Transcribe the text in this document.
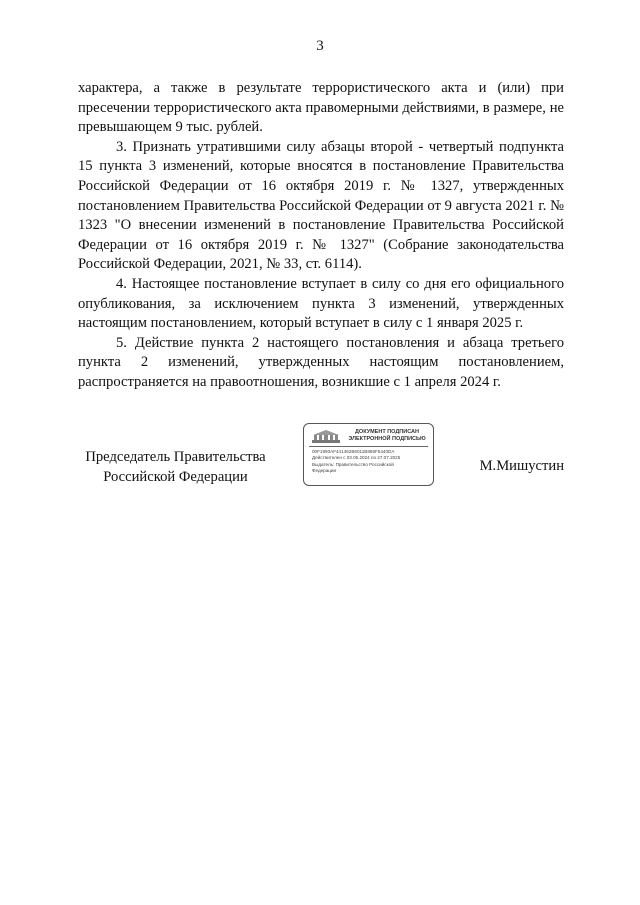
3

характера, а также в результате террористического акта и (или) при пресечении террористического акта правомерными действиями, в размере, не превышающем 9 тыс. рублей.

3. Признать утратившими силу абзацы второй - четвертый подпункта 15 пункта 3 изменений, которые вносятся в постановление Правительства Российской Федерации от 16 октября 2019 г. № 1327, утвержденных постановлением Правительства Российской Федерации от 9 августа 2021 г. № 1323 "О внесении изменений в постановление Правительства Российской Федерации от 16 октября 2019 г. № 1327" (Собрание законодательства Российской Федерации, 2021, № 33, ст. 6114).

4. Настоящее постановление вступает в силу со дня его официального опубликования, за исключением пункта 3 изменений, утвержденных настоящим постановлением, который вступает в силу с 1 января 2025 г.

5. Действие пункта 2 настоящего постановления и абзаца третьего пункта 2 изменений, утвержденных настоящим постановлением, распространяется на правоотношения, возникшие с 1 апреля 2024 г.

Председатель Правительства
Российской Федерации
ДОКУМЕНТ ПОДПИСАН
ЭЛЕКТРОННОЙ ПОДПИСЬЮ
00F1990AF441462B6011B886F5440DA
Действителен с 03.05.2024 по 27.07.2025
Выдатель: Правительство Российской
Федерации	М.Мишустин
